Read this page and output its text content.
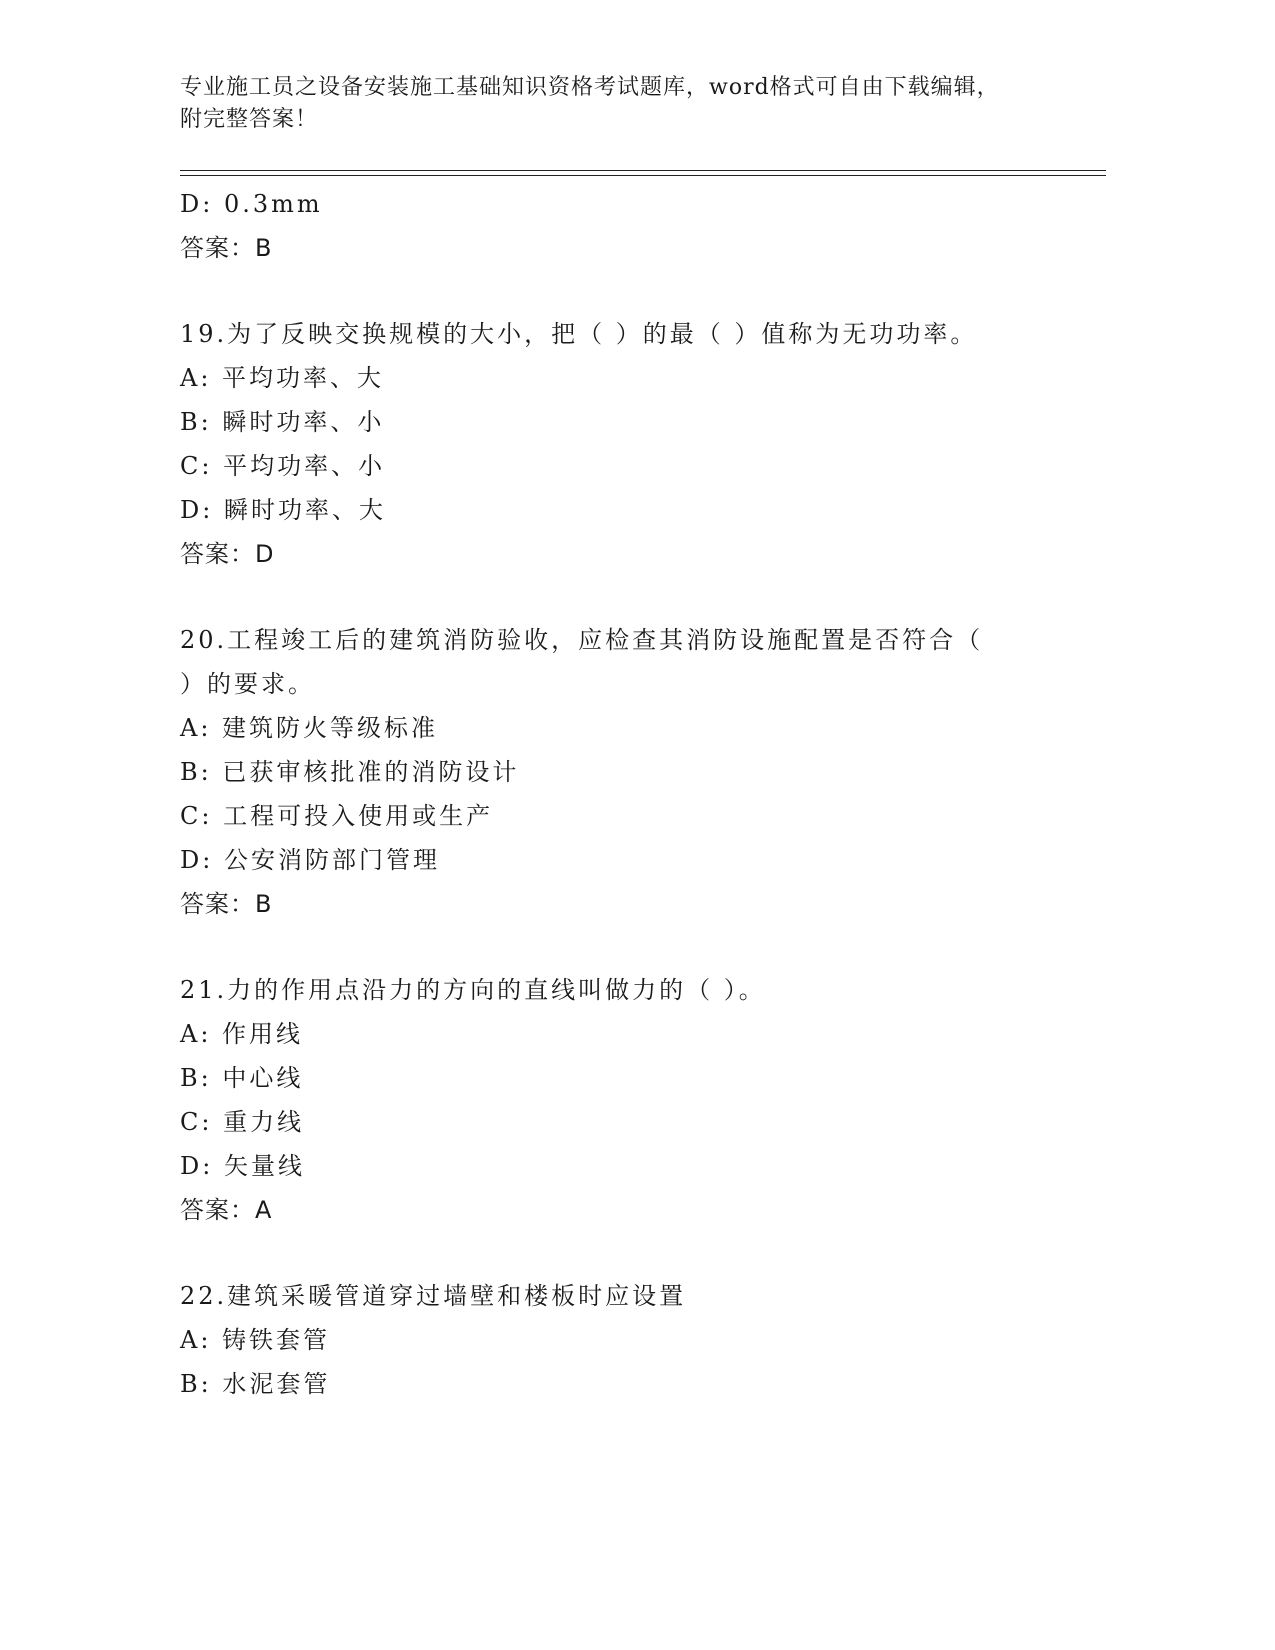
专业施工员之设备安装施工基础知识资格考试题库，word格式可自由下载编辑，
附完整答案！
D: 0.3mm
答案：B
19.为了反映交换规模的大小，把（ ）的最（ ）值称为无功功率。
A: 平均功率、大
B: 瞬时功率、小
C: 平均功率、小
D: 瞬时功率、大
答案：D
20.工程竣工后的建筑消防验收，应检查其消防设施配置是否符合（
）的要求。
A: 建筑防火等级标准
B: 已获审核批准的消防设计
C: 工程可投入使用或生产
D: 公安消防部门管理
答案：B
21.力的作用点沿力的方向的直线叫做力的（ ）。
A: 作用线
B: 中心线
C: 重力线
D: 矢量线
答案：A
22.建筑采暖管道穿过墙壁和楼板时应设置
A: 铸铁套管
B: 水泥套管
